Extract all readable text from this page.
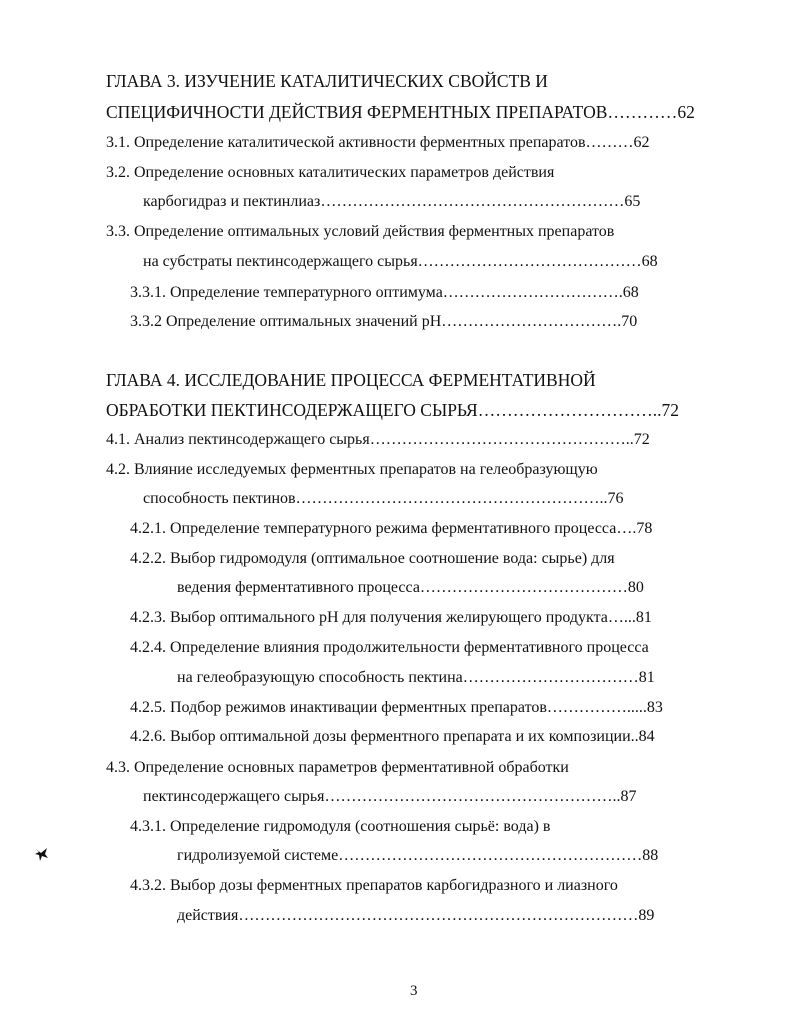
ГЛАВА 3. ИЗУЧЕНИЕ КАТАЛИТИЧЕСКИХ СВОЙСТВ И
СПЕЦИФИЧНОСТИ ДЕЙСТВИЯ ФЕРМЕНТНЫХ ПРЕПАРАТОВ…………62
3.1. Определение каталитической активности ферментных препаратов………62
3.2. Определение основных каталитических параметров действия
карбогидраз и пектинлиаз…………………………………………………65
3.3. Определение оптимальных условий действия ферментных препаратов
на субстраты пектинсодержащего сырья……………………………………68
3.3.1. Определение температурного оптимума…………………………….68
3.3.2 Определение оптимальных значений рН…………………………….70
ГЛАВА 4. ИССЛЕДОВАНИЕ ПРОЦЕССА ФЕРМЕНТАТИВНОЙ
ОБРАБОТКИ ПЕКТИНСОДЕРЖАЩЕГО СЫРЬЯ…………………………..72
4.1. Анализ пектинсодержащего сырья…………………………………………..72
4.2. Влияние исследуемых ферментных препаратов на гелеобразующую
способность пектинов…………………………………………………..76
4.2.1. Определение температурного режима ферментативного процесса….78
4.2.2. Выбор гидромодуля (оптимальное соотношение вода: сырье) для
ведения ферментативного процесса…………………………………80
4.2.3. Выбор оптимального рН для получения желирующего продукта…...81
4.2.4. Определение влияния продолжительности ферментативного процесса
на гелеобразующую способность пектина……………………………81
4.2.5. Подбор режимов инактивации ферментных препаратов…………….....83
4.2.6. Выбор оптимальной дозы ферментного препарата и их композиции..84
4.3. Определение основных параметров ферментативной обработки
пектинсодержащего сырья………………………………………………..87
4.3.1. Определение гидромодуля (соотношения сырьё: вода) в
гидролизуемой системе…………………………………………………88
4.3.2. Выбор дозы ферментных препаратов карбогидразного и лиазного
действия…………………………………………………………………89
3
